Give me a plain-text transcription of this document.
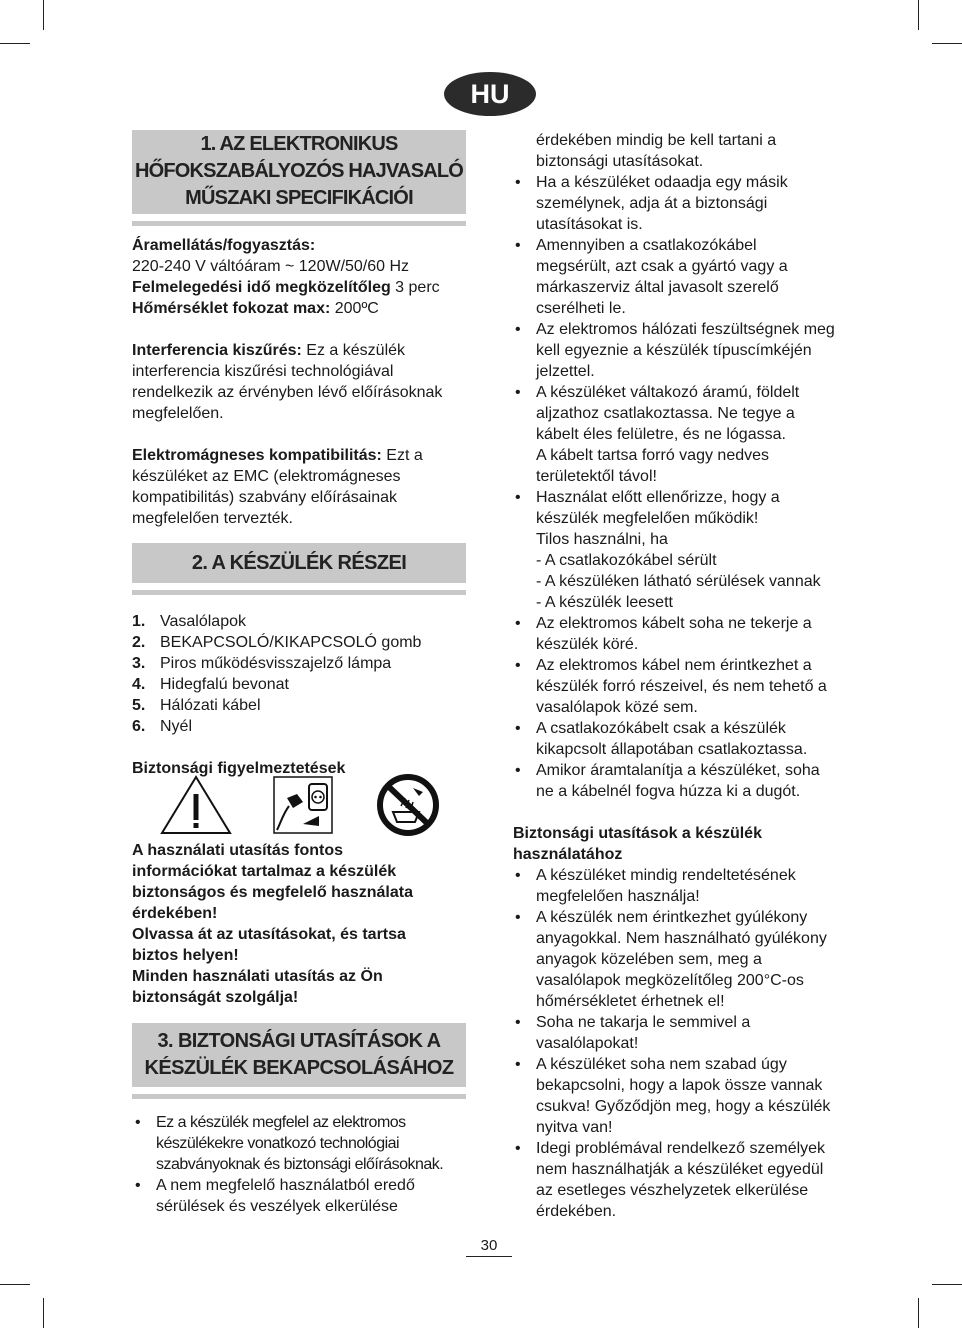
HU
1. AZ ELEKTRONIKUS
HŐFOKSZABÁLYOZÓS HAJVASALÓ
MŰSZAKI SPECIFIKÁCIÓI

Áramellátás/fogyasztás:

220-240 V váltóáram ~ 120W/50/60 Hz

Felmelegedési idő megközelítőleg 3 perc

Hőmérséklet fokozat max: 200ºC

Interferencia kiszűrés: Ez a készülék interferencia kiszűrési technológiával rendelkezik az érvényben lévő előírásoknak megfelelően.

Elektromágneses kompatibilitás: Ezt a készüléket az EMC (elektromágneses kompatibilitás) szabvány előírásainak megfelelően tervezték.

2. A KÉSZÜLÉK RÉSZEI
1. Vasalólapok
2. BEKAPCSOLÓ/KIKAPCSOLÓ gomb
3. Piros működésvisszajelző lámpa
4. Hidegfalú bevonat
5. Hálózati kábel
6. Nyél
Biztonsági figyelmeztetések

A használati utasítás fontos információkat tartalmaz a készülék biztonságos és megfelelő használata érdekében!

Olvassa át az utasításokat, és tartsa biztos helyen!

Minden használati utasítás az Ön biztonságát szolgálja!

3. BIZTONSÁGI UTASÍTÁSOK A
KÉSZÜLÉK BEKAPCSOLÁSÁHOZ
• Ez a készülék megfelel az elektromos készülékekre vonatkozó technológiai szabványoknak és biztonsági előírásoknak.
• A nem megfelelő használatból eredő sérülések és veszélyek elkerülése

érdekében mindig be kell tartani a biztonsági utasításokat.

• Ha a készüléket odaadja egy másik személynek, adja át a biztonsági utasításokat is.
• Amennyiben a csatlakozókábel megsérült, azt csak a gyártó vagy a márkaszerviz által javasolt szerelő cserélheti le.
• Az elektromos hálózati feszültségnek meg kell egyeznie a készülék típuscímkéjén jelzettel.
• A készüléket váltakozó áramú, földelt aljzathoz csatlakoztassa. Ne tegye a kábelt éles felületre, és ne lógassa.
A kábelt tartsa forró vagy nedves területektől távol!
• Használat előtt ellenőrizze, hogy a készülék megfelelően működik!
Tilos használni, ha
- A csatlakozókábel sérült
- A készüléken látható sérülések vannak
- A készülék leesett
• Az elektromos kábelt soha ne tekerje a készülék köré.
• Az elektromos kábel nem érintkezhet a készülék forró részeivel, és nem tehető a vasalólapok közé sem.
• A csatlakozókábelt csak a készülék kikapcsolt állapotában csatlakoztassa.
• Amikor áramtalanítja a készüléket, soha ne a kábelnél fogva húzza ki a dugót.

Biztonsági utasítások a készülék
használatához

• A készüléket mindig rendeltetésének megfelelően használja!
• A készülék nem érintkezhet gyúlékony anyagokkal. Nem használható gyúlékony anyagok közelében sem, meg a vasalólapok megközelítőleg 200°C-os hőmérsékletet érhetnek el!
• Soha ne takarja le semmivel a vasalólapokat!
• A készüléket soha nem szabad úgy bekapcsolni, hogy a lapok össze vannak csukva! Győződjön meg, hogy a készülék nyitva van!
• Idegi problémával rendelkező személyek nem használhatják a készüléket egyedül az esetleges vészhelyzetek elkerülése érdekében.
30
